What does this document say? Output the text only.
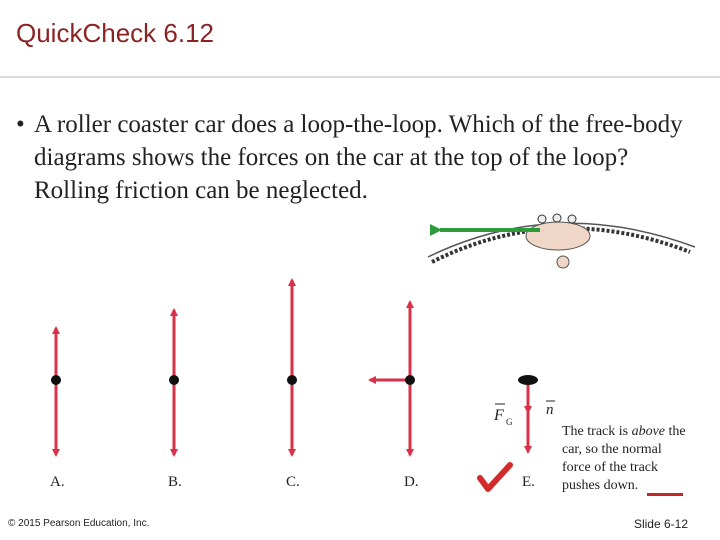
QuickCheck 6.12
• A roller coaster car does a loop-the-loop. Which of the free-body diagrams shows the forces on the car at the top of the loop? Rolling friction can be neglected.
F G
n
A.	B.	C.	D.	E.
The track is above the car, so the normal force of the track pushes down.
© 2015 Pearson Education, Inc.	Slide 6-12
